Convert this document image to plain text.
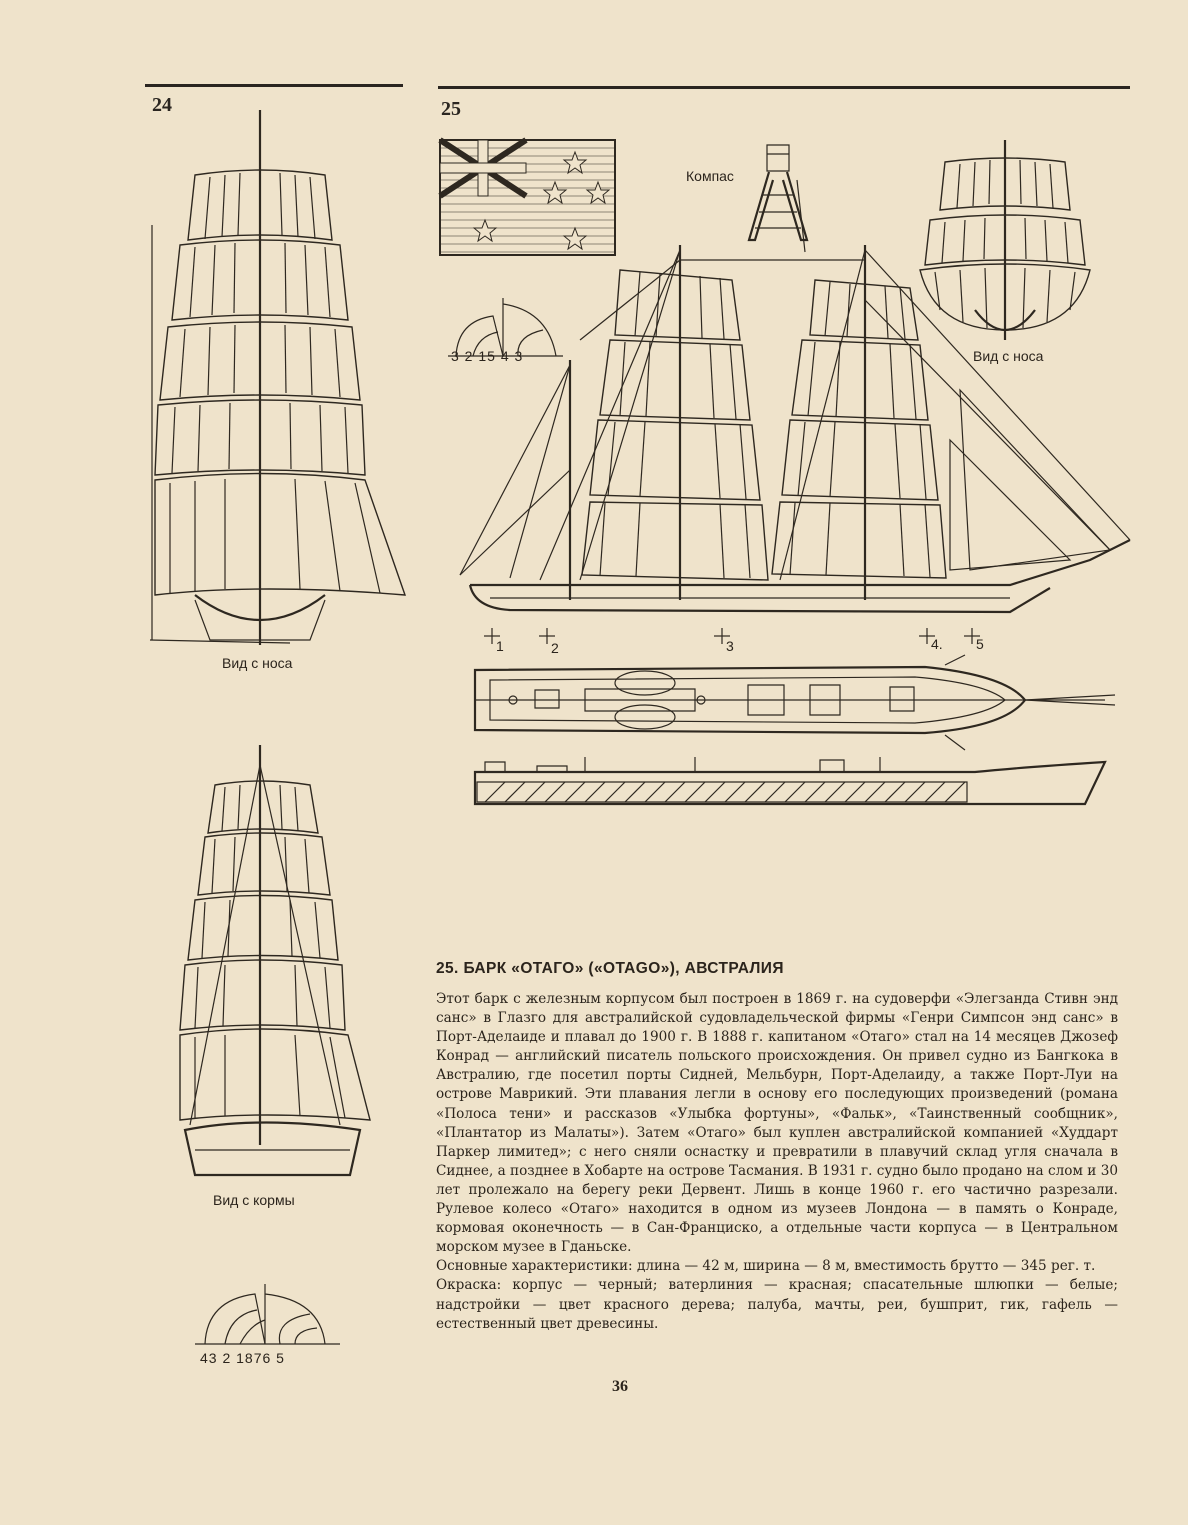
24	25
Вид с носа
Вид с кормы
43 2 1876 5
Компас
3 2 15 4 3	Вид с носа
1	2	3	4. 5
25. БАРК «ОТАГО» («OTAGO»), АВСТРАЛИЯ

Этот барк с железным корпусом был построен в 1869 г. на судоверфи «Элегзанда Стивн энд санс» в Глазго для австралийской судовладельческой фирмы «Генри Симпсон энд санс» в Порт-Аделаиде и плавал до 1900 г. В 1888 г. капитаном «Отаго» стал на 14 месяцев Джозеф Конрад — английский писатель польского происхождения. Он привел судно из Бангкока в Австралию, где посетил порты Сидней, Мельбурн, Порт-Аделаиду, а также Порт-Луи на острове Маврикий. Эти плавания легли в основу его последующих произведений (романа «Полоса тени» и рассказов «Улыбка фортуны», «Фальк», «Таинственный сообщник», «Плантатор из Малаты»). Затем «Отаго» был куплен австралийской компанией «Худдарт Паркер лимитед»; с него сняли оснастку и превратили в плавучий склад угля сначала в Сиднее, а позднее в Хобарте на острове Тасмания. В 1931 г. судно было продано на слом и 30 лет пролежало на берегу реки Дервент. Лишь в конце 1960 г. его частично разрезали. Рулевое колесо «Отаго» находится в одном из музеев Лондона — в память о Конраде, кормовая оконечность — в Сан-Франциско, а отдельные части корпуса — в Центральном морском музее в Гданьске.

Основные характеристики: длина — 42 м, ширина — 8 м, вместимость брутто — 345 рег. т.

Окраска: корпус — черный; ватерлиния — красная; спасательные шлюпки — белые; надстройки — цвет красного дерева; палуба, мачты, реи, бушприт, гик, гафель — естественный цвет древесины.

36
